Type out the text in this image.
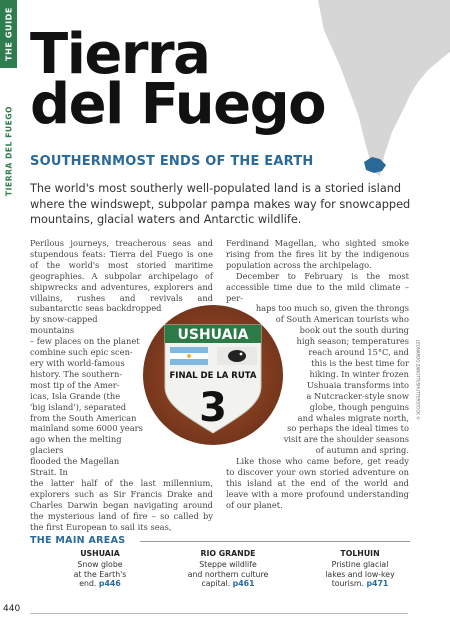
THE GUIDE
TIERRA DEL FUEGO
Tierra
del Fuego
SOUTHERNMOST ENDS OF THE EARTH
The world's most southerly well-populated land is a storied island where the windswept, subpolar pampa makes way for snowcapped mountains, glacial waters and Antarctic wildlife.

Perilous journeys, treacherous seas and stupendous feats: Tierra del Fuego is one of the world's most storied maritime geographies. A subpolar archipelago of shipwrecks and adventures, explorers and villains, rushes and revivals and subantarctic seas backdropped

by snow-capped mountains
– few places on the planet
combine such epic scen-
ery with world-famous
history. The southern-
most tip of the Amer-
icas, Isla Grande (the
'big island'), separated
from the South American
mainland some 6000 years
ago when the melting glaciers
flooded the Magellan Strait. In

the latter half of the last millennium, explorers such as Sir Francis Drake and Charles Darwin began navigating around the mysterious land of fire – so called by the first European to sail its seas,

Ferdinand Magellan, who sighted smoke rising from the fires lit by the indigenous population across the archipelago.

December to February is the most accessible time due to the mild climate – per-

haps too much so, given the throngs
of South American tourists who
book out the south during
high season; temperatures
reach around 15°C, and
this is the best time for
hiking. In winter frozen
Ushuaia transforms into
a Nutcracker-style snow
globe, though penguins
and whales migrate north,
so perhaps the ideal times to
visit are the shoulder seasons
of autumn and spring.

Like those who came before, get ready to discover your own storied adventure on this island at the end of the world and leave with a more profound understanding of our planet.

USHUAIA
FINAL DE LA RUTA
3	LEONARDO ZANOTTI/SHUTTERSTOCK ©
THE MAIN AREAS
USHUAIA
Snow globe
at the Earth's
end. p446
RIO GRANDE
Steppe wildlife
and northern culture
capital. p461
TOLHUIN
Pristine glacial
lakes and low-key
tourism. p471
440
